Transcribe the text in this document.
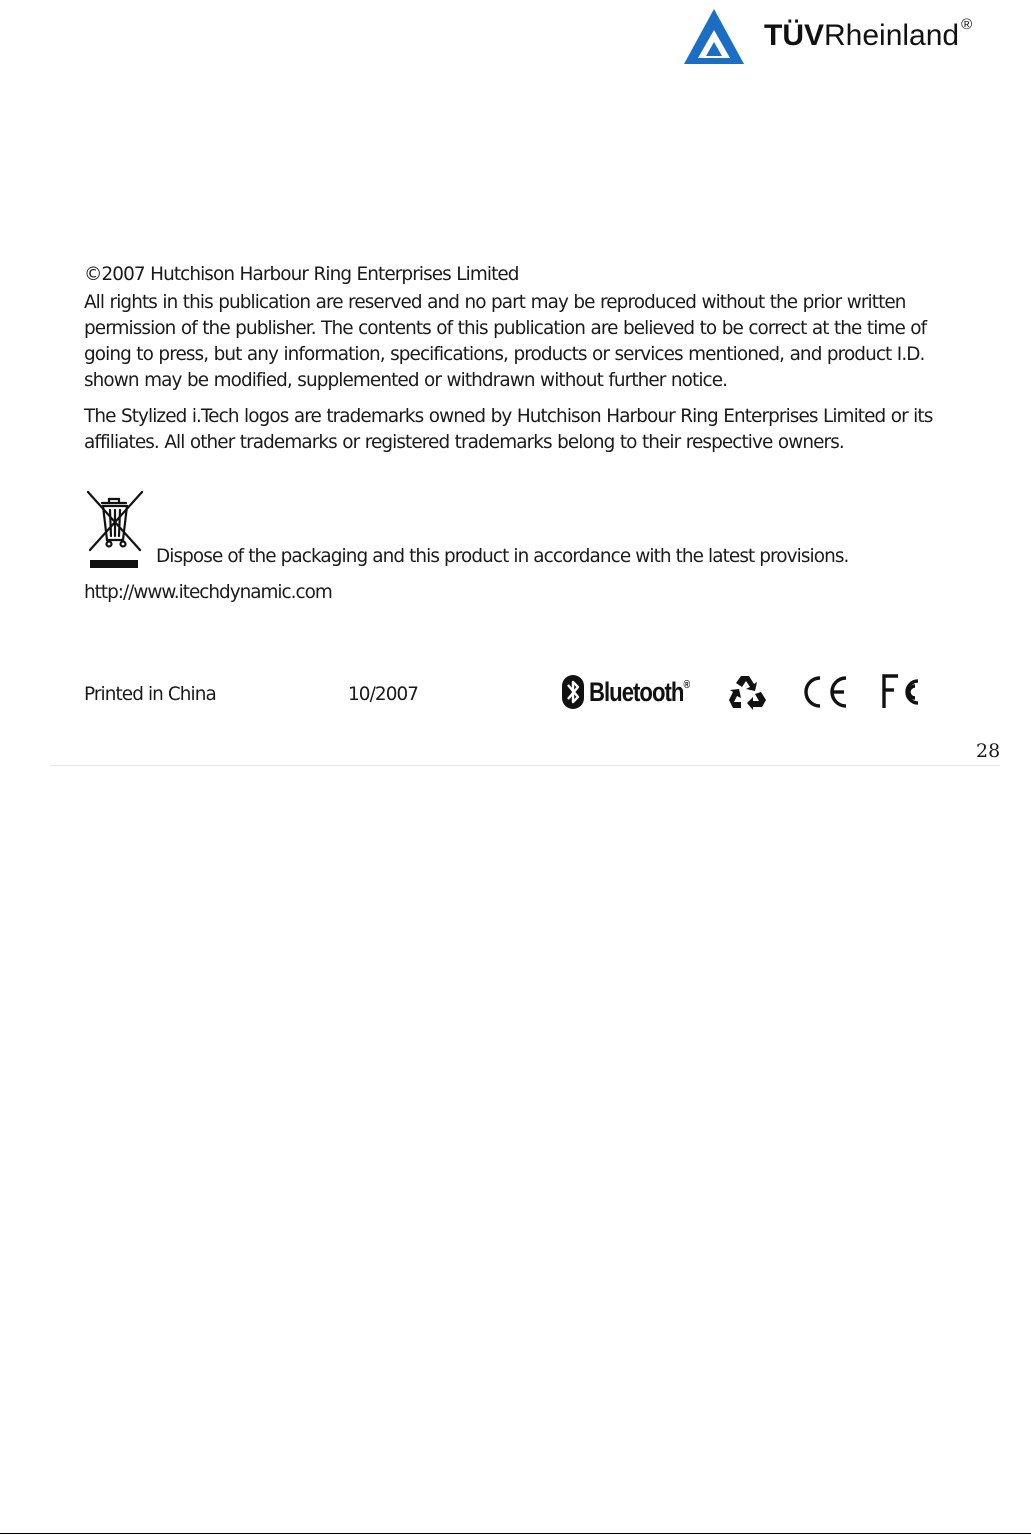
TÜVRheinland ®

©2007 Hutchison Harbour Ring Enterprises Limited

All rights in this publication are reserved and no part may be reproduced without the prior written permission of the publisher. The contents of this publication are believed to be correct at the time of going to press, but any information, specifications, products or services mentioned, and product I.D. shown may be modified, supplemented or withdrawn without further notice.

The Stylized i.Tech logos are trademarks owned by Hutchison Harbour Ring Enterprises Limited or its affiliates. All other trademarks or registered trademarks belong to their respective owners.

Dispose of the packaging and this product in accordance with the latest provisions.
http://www.itechdynamic.com
Printed in China	10/2007	Bluetooth®
28
